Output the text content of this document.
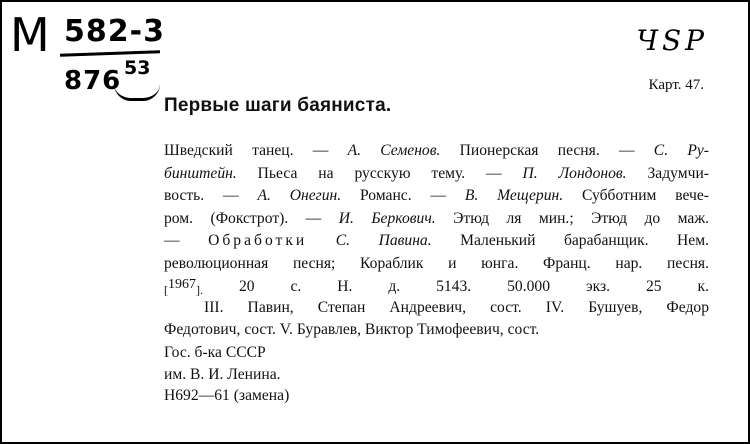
M 582-3
876 53
ЧSP
Карт. 47.
Первые шаги баяниста.
Шведский танец. — А. Семенов. Пионерская песня. — С. Ру-
бинштейн. Пьеса на русскую тему. — П. Лондонов. Задумчи-
вость. — А. Онегин. Романс. — В. Мещерин. Субботним вече-
ром. (Фокстрот). — И. Беркович. Этюд ля мин.; Этюд до маж.
— Обработки С. Павина. Маленький барабанщик. Нем.
революционная песня; Кораблик и юнга. Франц. нар. песня.
[1967]. 20 с. Н. д. 5143. 50.000 экз. 25 к.
III. Павин, Степан Андреевич, сост. IV. Бушуев, Федор
Федотович, сост. V. Буравлев, Виктор Тимофеевич, сост.
Гос. б-ка СССР
им. В. И. Ленина.
Н692—61 (замена)
